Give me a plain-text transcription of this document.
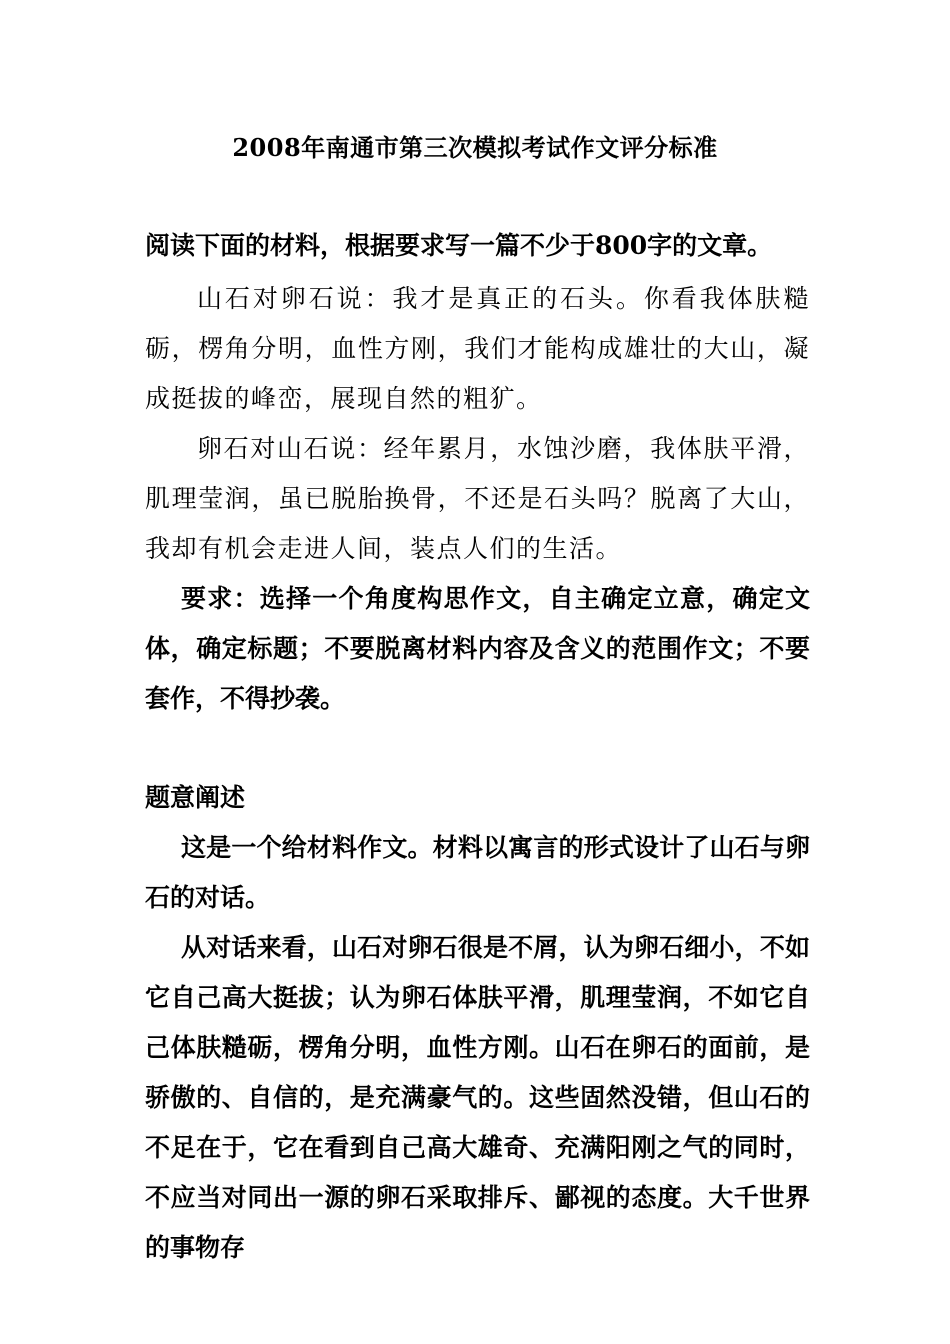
2008年南通市第三次模拟考试作文评分标准

阅读下面的材料，根据要求写一篇不少于800字的文章。

山石对卵石说：我才是真正的石头。你看我体肤糙砺，楞角分明，血性方刚，我们才能构成雄壮的大山，凝成挺拔的峰峦，展现自然的粗犷。

卵石对山石说：经年累月，水蚀沙磨，我体肤平滑，肌理莹润，虽已脱胎换骨，不还是石头吗？脱离了大山，我却有机会走进人间，装点人们的生活。

要求：选择一个角度构思作文，自主确定立意，确定文体，确定标题；不要脱离材料内容及含义的范围作文；不要套作，不得抄袭。

题意阐述

这是一个给材料作文。材料以寓言的形式设计了山石与卵石的对话。

从对话来看，山石对卵石很是不屑，认为卵石细小，不如它自己高大挺拔；认为卵石体肤平滑，肌理莹润，不如它自己体肤糙砺，楞角分明，血性方刚。山石在卵石的面前，是骄傲的、自信的，是充满豪气的。这些固然没错，但山石的不足在于，它在看到自己高大雄奇、充满阳刚之气的同时，不应当对同出一源的卵石采取排斥、鄙视的态度。大千世界的事物存
